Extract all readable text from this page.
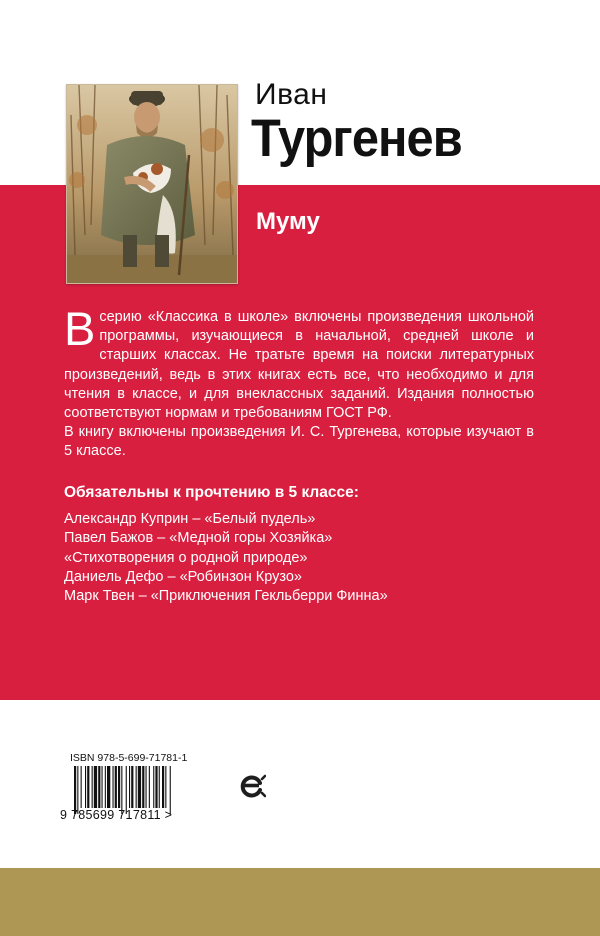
Иван
Тургенев
Муму

Всерию «Классика в школе» включены произведения школьной программы, изучающиеся в начальной, средней школе и старших классах. Не тратьте время на поиски литературных произведений, ведь в этих книгах есть все, что необходимо и для чтения в классе, и для внеклассных заданий. Издания полностью соответствуют нормам и требованиям ГОСТ РФ.

В книгу включены произведения И. С. Тургенева, которые изучают в 5 классе.

Обязательны к прочтению в 5 классе:
Александр Куприн – «Белый пудель»
Павел Бажов – «Медной горы Хозяйка»
«Стихотворения о родной природе»
Даниель Дефо – «Робинзон Крузо»
Марк Твен – «Приключения Гекльберри Финна»
ISBN 978-5-699-71781-1
9 785699 717811 >
